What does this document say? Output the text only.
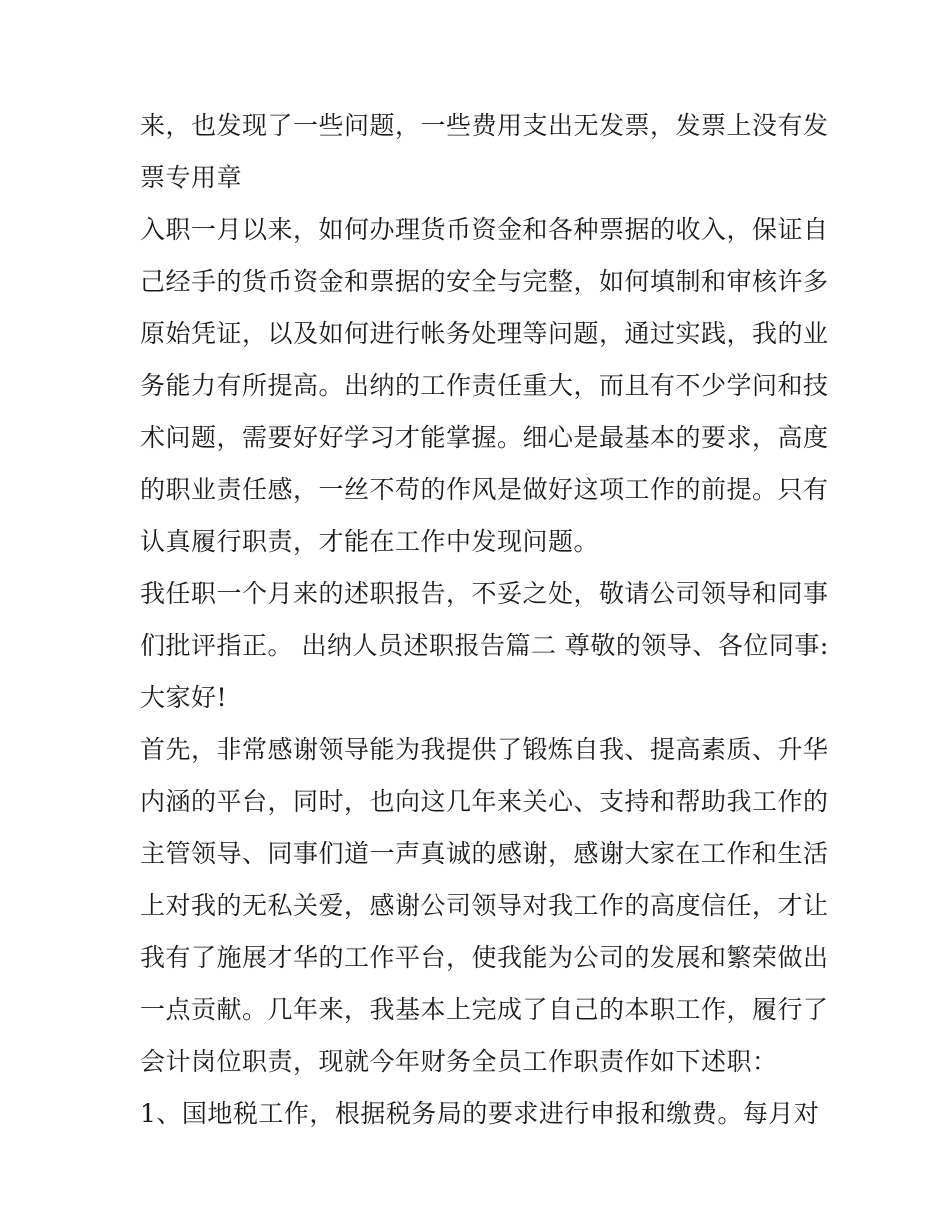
来，也发现了一些问题，一些费用支出无发票，发票上没有发
票专用章
入职一月以来，如何办理货币资金和各种票据的收入，保证自
己经手的货币资金和票据的安全与完整，如何填制和审核许多
原始凭证，以及如何进行帐务处理等问题，通过实践，我的业
务能力有所提高。出纳的工作责任重大，而且有不少学问和技
术问题，需要好好学习才能掌握。细心是最基本的要求，高度
的职业责任感，一丝不苟的作风是做好这项工作的前提。只有
认真履行职责，才能在工作中发现问题。
我任职一个月来的述职报告，不妥之处，敬请公司领导和同事
们批评指正。 出纳人员述职报告篇二 尊敬的领导、各位同事:
大家好!
首先，非常感谢领导能为我提供了锻炼自我、提高素质、升华
内涵的平台，同时，也向这几年来关心、支持和帮助我工作的
主管领导、同事们道一声真诚的感谢，感谢大家在工作和生活
上对我的无私关爱，感谢公司领导对我工作的高度信任，才让
我有了施展才华的工作平台，使我能为公司的发展和繁荣做出
一点贡献。几年来，我基本上完成了自己的本职工作，履行了
会计岗位职责，现就今年财务全员工作职责作如下述职：
1、国地税工作，根据税务局的要求进行申报和缴费。每月对
